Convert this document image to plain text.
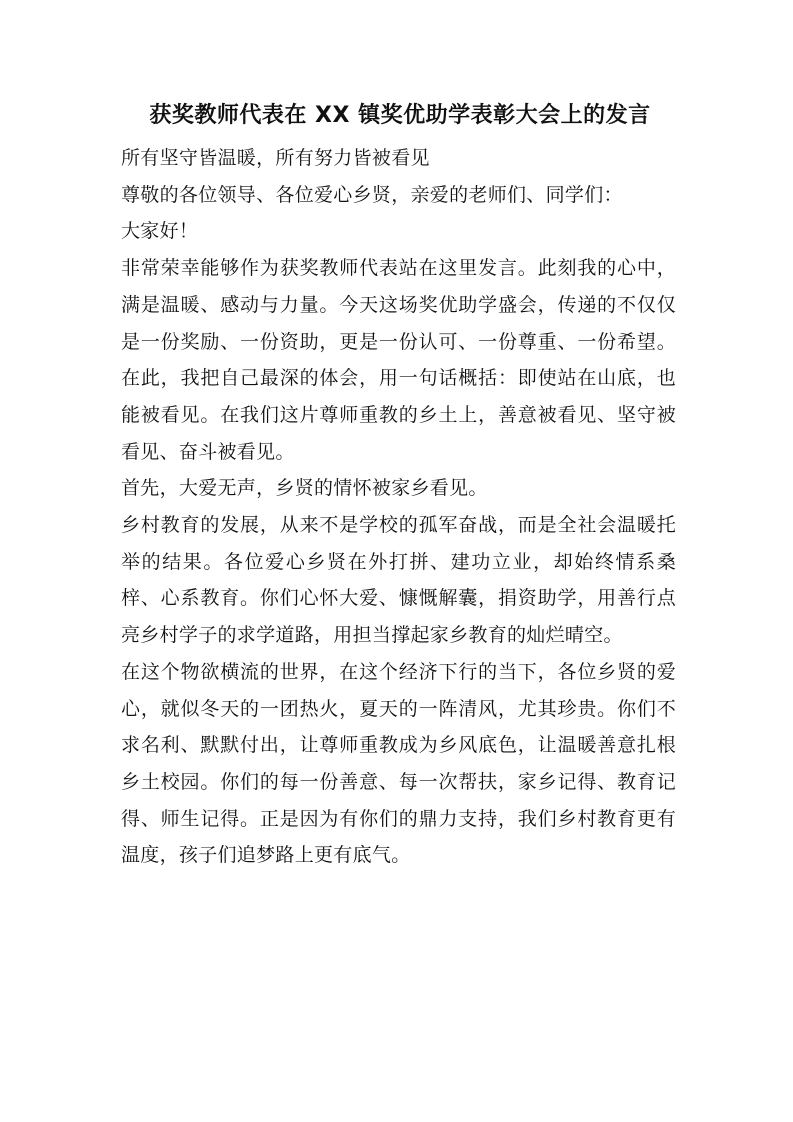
获奖教师代表在 XX 镇奖优助学表彰大会上的发言

所有坚守皆温暖，所有努力皆被看见

尊敬的各位领导、各位爱心乡贤，亲爱的老师们、同学们：

大家好！

非常荣幸能够作为获奖教师代表站在这里发言。此刻我的心中，满是温暖、感动与力量。今天这场奖优助学盛会，传递的不仅仅是一份奖励、一份资助，更是一份认可、一份尊重、一份希望。在此，我把自己最深的体会，用一句话概括：即使站在山底，也能被看见。在我们这片尊师重教的乡土上，善意被看见、坚守被看见、奋斗被看见。

首先，大爱无声，乡贤的情怀被家乡看见。

乡村教育的发展，从来不是学校的孤军奋战，而是全社会温暖托举的结果。各位爱心乡贤在外打拼、建功立业，却始终情系桑梓、心系教育。你们心怀大爱、慷慨解囊，捐资助学，用善行点亮乡村学子的求学道路，用担当撑起家乡教育的灿烂晴空。

在这个物欲横流的世界，在这个经济下行的当下，各位乡贤的爱心，就似冬天的一团热火，夏天的一阵清风，尤其珍贵。你们不求名利、默默付出，让尊师重教成为乡风底色，让温暖善意扎根乡土校园。你们的每一份善意、每一次帮扶，家乡记得、教育记得、师生记得。正是因为有你们的鼎力支持，我们乡村教育更有温度，孩子们追梦路上更有底气。
